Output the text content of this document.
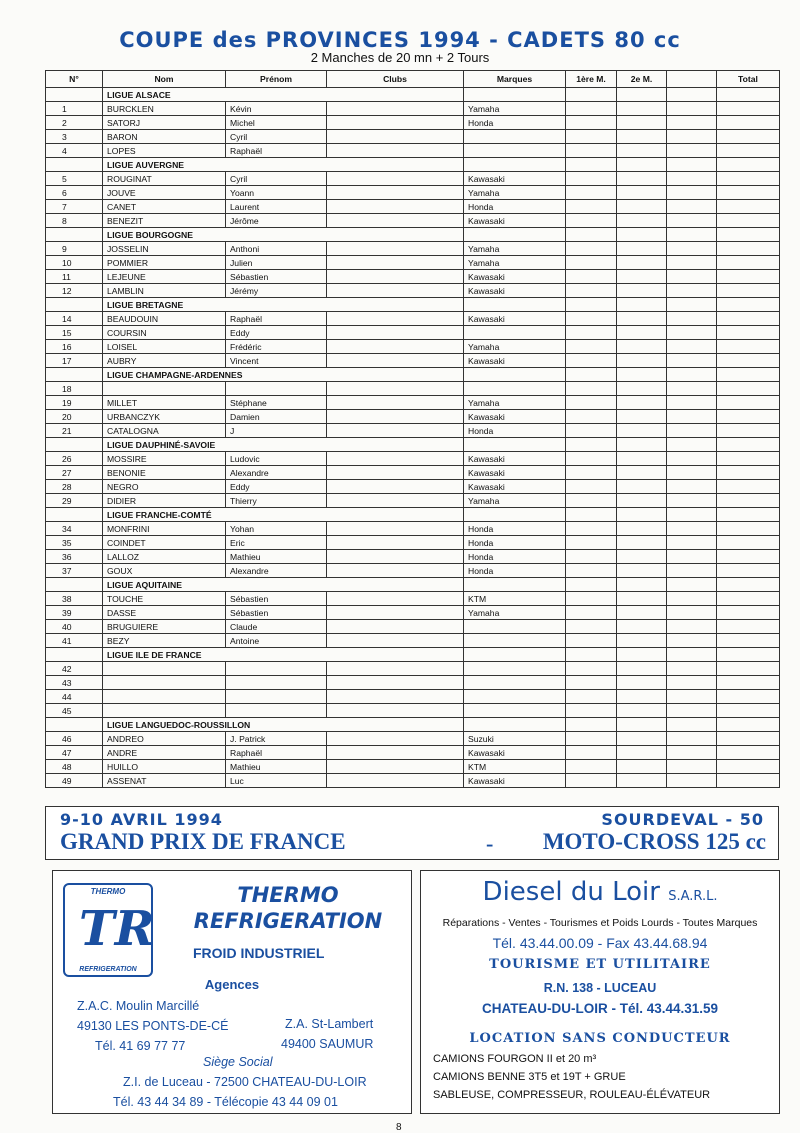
COUPE des PROVINCES 1994 - CADETS 80 cc
2 Manches de 20 mn + 2 Tours
N°	Nom	Prénom	Clubs	Marques	1ère M.	2e M.		Total
	LIGUE ALSACE							
1	BURCKLEN	Kévin		Yamaha				
2	SATORJ	Michel		Honda				
3	BARON	Cyril						
4	LOPES	Raphaël						
	LIGUE AUVERGNE							
5	ROUGINAT	Cyril		Kawasaki				
6	JOUVE	Yoann		Yamaha				
7	CANET	Laurent		Honda				
8	BENEZIT	Jérôme		Kawasaki				
	LIGUE BOURGOGNE							
9	JOSSELIN	Anthoni		Yamaha				
10	POMMIER	Julien		Yamaha				
11	LEJEUNE	Sébastien		Kawasaki				
12	LAMBLIN	Jérémy		Kawasaki				
	LIGUE BRETAGNE							
14	BEAUDOUIN	Raphaël		Kawasaki				
15	COURSIN	Eddy						
16	LOISEL	Frédéric		Yamaha				
17	AUBRY	Vincent		Kawasaki				
	LIGUE CHAMPAGNE-ARDENNES							
18								
19	MILLET	Stéphane		Yamaha				
20	URBANCZYK	Damien		Kawasaki				
21	CATALOGNA	J		Honda				
	LIGUE DAUPHINÉ-SAVOIE							
26	MOSSIRE	Ludovic		Kawasaki				
27	BENONIE	Alexandre		Kawasaki				
28	NEGRO	Eddy		Kawasaki				
29	DIDIER	Thierry		Yamaha				
	LIGUE FRANCHE-COMTÉ							
34	MONFRINI	Yohan		Honda				
35	COINDET	Eric		Honda				
36	LALLOZ	Mathieu		Honda				
37	GOUX	Alexandre		Honda				
	LIGUE AQUITAINE							
38	TOUCHE	Sébastien		KTM				
39	DASSE	Sébastien		Yamaha				
40	BRUGUIERE	Claude						
41	BEZY	Antoine						
	LIGUE ILE DE FRANCE							
42								
43								
44								
45								
	LIGUE LANGUEDOC-ROUSSILLON							
46	ANDREO	J. Patrick		Suzuki				
47	ANDRE	Raphaël		Kawasaki				
48	HUILLO	Mathieu		KTM				
49	ASSENAT	Luc		Kawasaki				
9-10 AVRIL 1994	SOURDEVAL - 50
GRAND PRIX DE FRANCE	- MOTO-CROSS 125 cc
THERMO
TR
REFRIGERATION
THERMO
REFRIGERATION
FROID INDUSTRIEL
Agences
Z.A.C. Moulin Marcillé
49130 LES PONTS-DE-CÉ
Tél. 41 69 77 77
Z.A. St-Lambert
49400 SAUMUR
Siège Social
Z.I. de Luceau - 72500 CHATEAU-DU-LOIR
Tél. 43 44 34 89 - Télécopie 43 44 09 01
Diesel du Loir S.A.R.L.
Réparations - Ventes - Tourismes et Poids Lourds - Toutes Marques
Tél. 43.44.00.09 - Fax 43.44.68.94
TOURISME ET UTILITAIRE
R.N. 138 - LUCEAU
CHATEAU-DU-LOIR - Tél. 43.44.31.59
LOCATION SANS CONDUCTEUR
CAMIONS FOURGON II et 20 m³
CAMIONS BENNE 3T5 et 19T + GRUE
SABLEUSE, COMPRESSEUR, ROULEAU-ÉLÉVATEUR
8
